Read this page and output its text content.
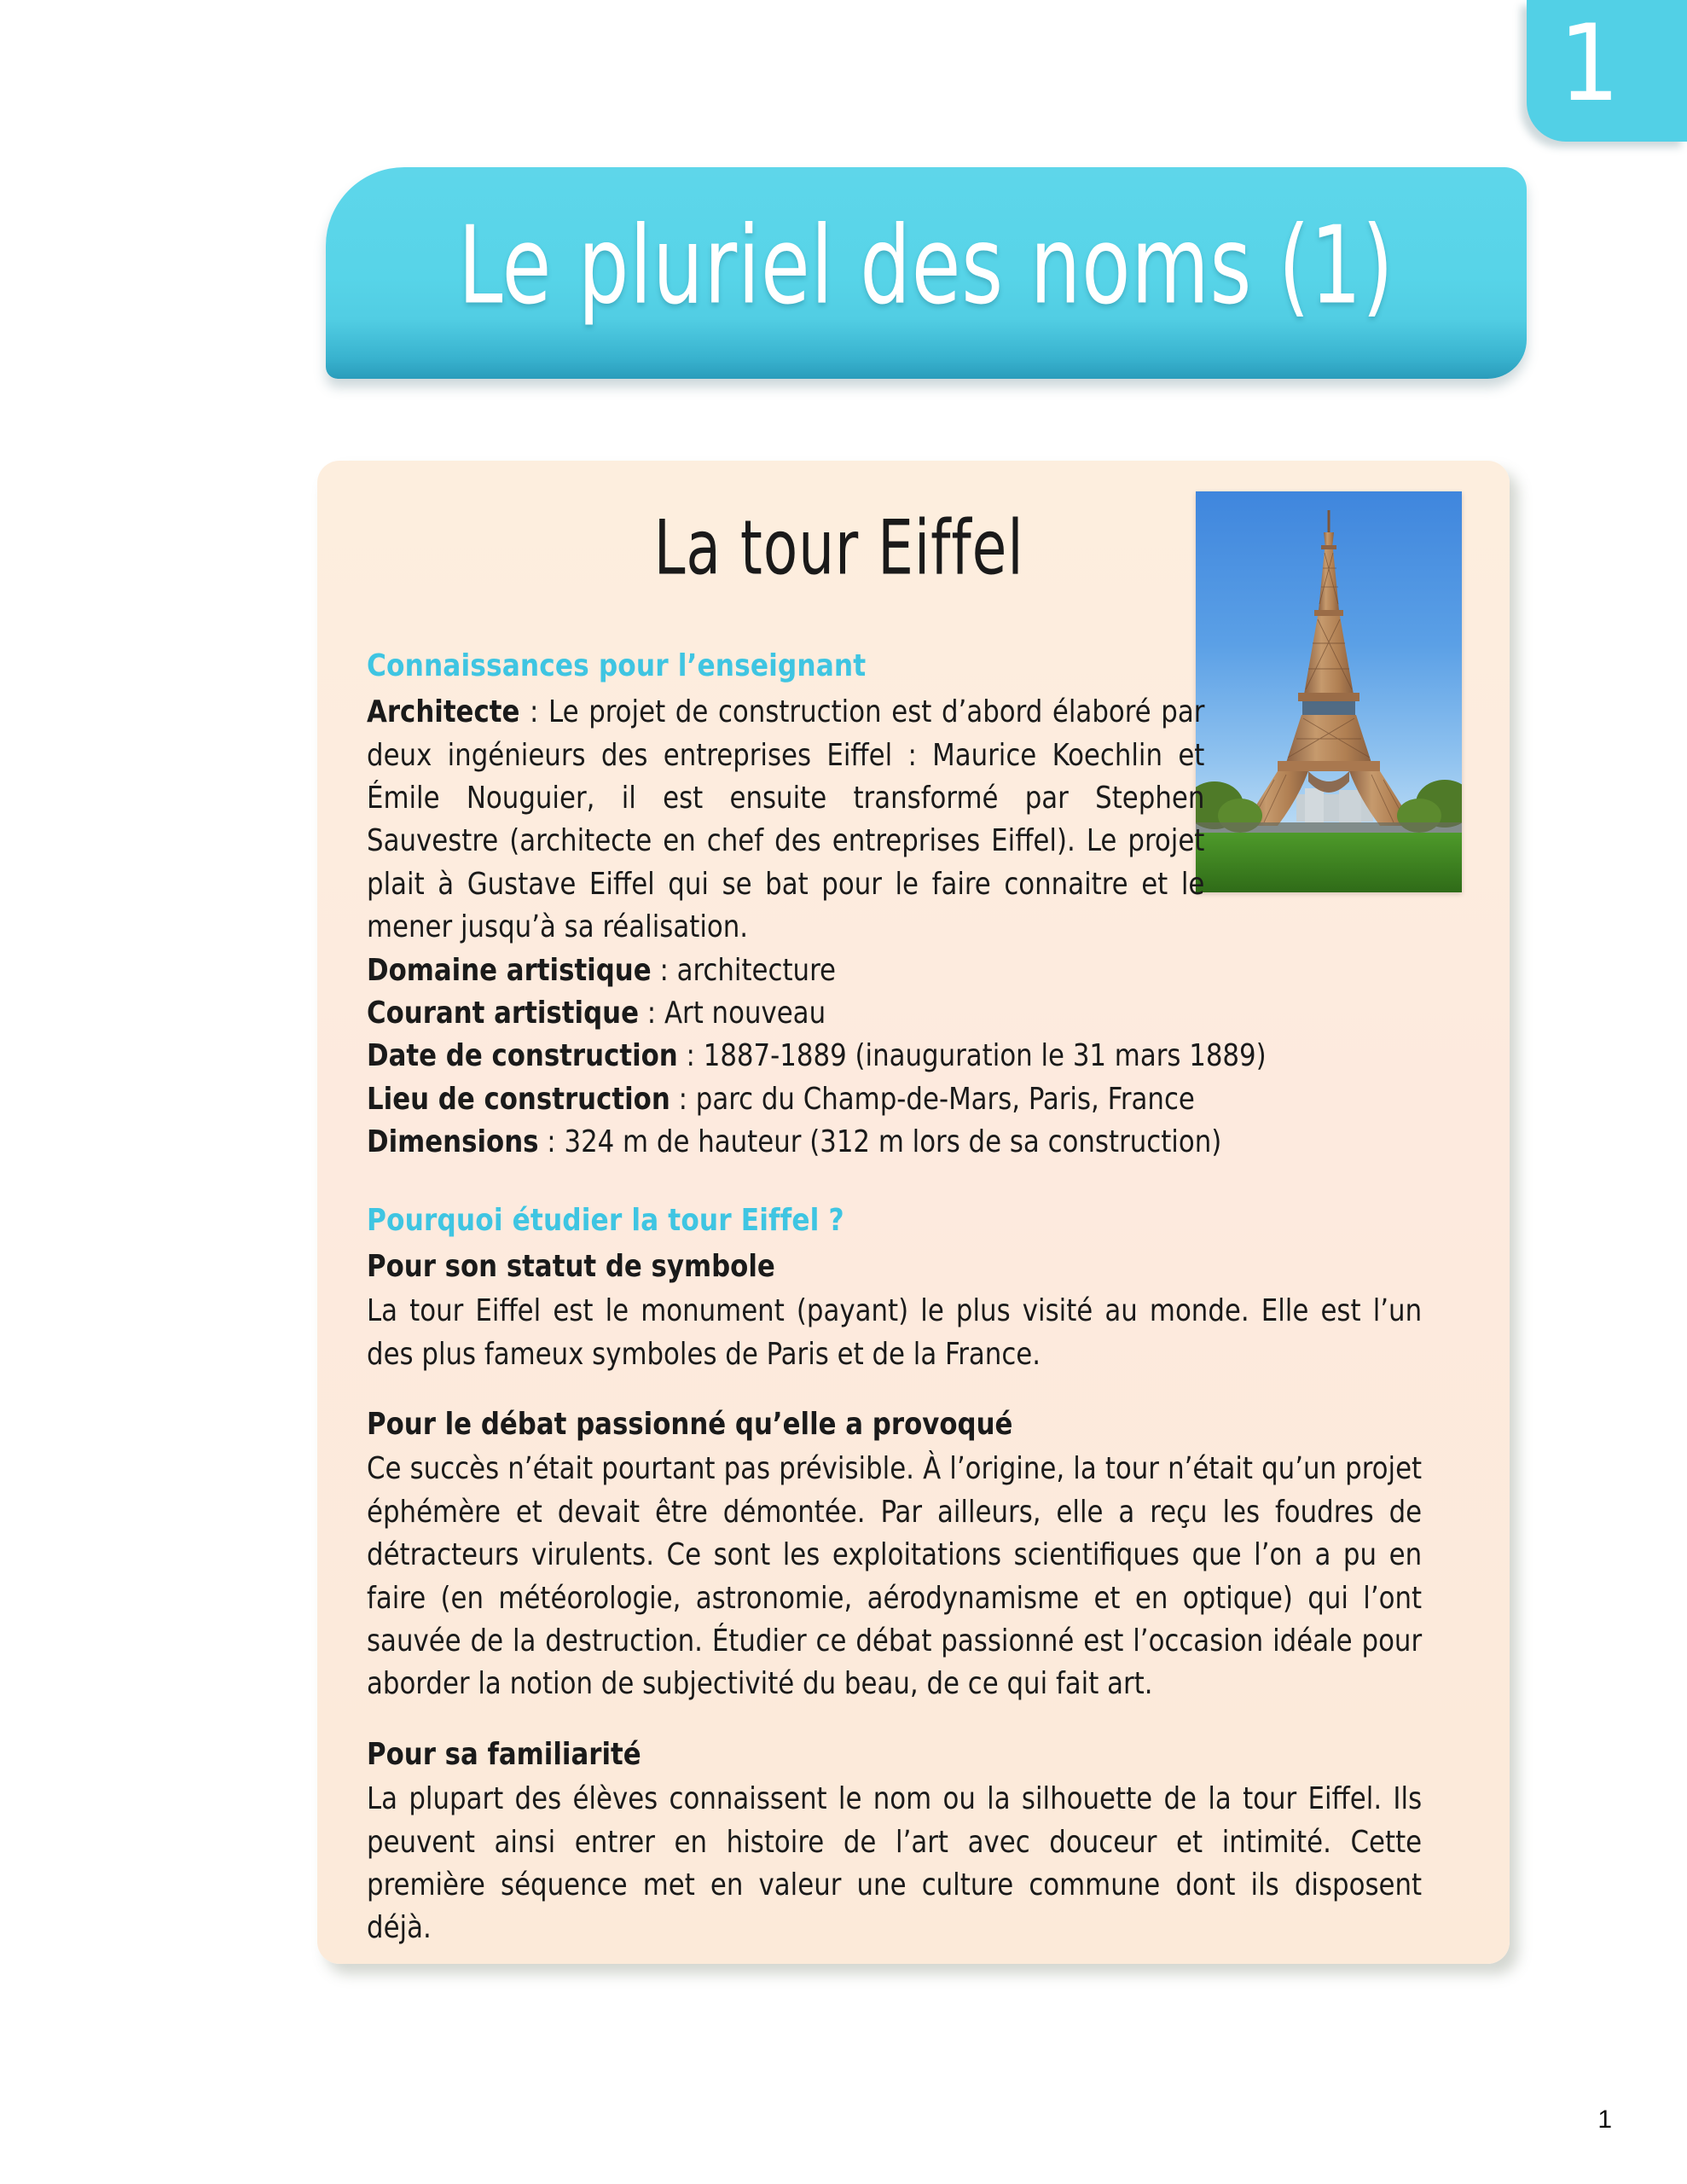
1
Le pluriel des noms (1)
La tour Eiffel

Connaissances pour l’enseignant

Architecte : Le projet de construction est d’abord élaboré par deux ingénieurs des entreprises Eiffel : Maurice Koechlin et Émile Nouguier, il est ensuite transformé par Stephen Sauvestre (architecte en chef des entreprises Eiffel). Le projet plait à Gustave Eiffel qui se bat pour le faire connaitre et le mener jusqu’à sa réalisation.

Domaine artistique : architecture

Courant artistique : Art nouveau

Date de construction : 1887-1889 (inauguration le 31 mars 1889)

Lieu de construction : parc du Champ-de-Mars, Paris, France

Dimensions : 324 m de hauteur (312 m lors de sa construction)

Pourquoi étudier la tour Eiffel ?

Pour son statut de symbole

La tour Eiffel est le monument (payant) le plus visité au monde. Elle est l’un des plus fameux symboles de Paris et de la France.

Pour le débat passionné qu’elle a provoqué

Ce succès n’était pourtant pas prévisible. À l’origine, la tour n’était qu’un projet éphémère et devait être démontée. Par ailleurs, elle a reçu les foudres de détracteurs virulents. Ce sont les exploitations scientifiques que l’on a pu en faire (en météorologie, astronomie, aérodynamisme et en optique) qui l’ont sauvée de la destruction. Étudier ce débat passionné est l’occasion idéale pour aborder la notion de subjectivité du beau, de ce qui fait art.

Pour sa familiarité

La plupart des élèves connaissent le nom ou la silhouette de la tour Eiffel. Ils peuvent ainsi entrer en histoire de l’art avec douceur et intimité. Cette première séquence met en valeur une culture commune dont ils disposent déjà.

1
